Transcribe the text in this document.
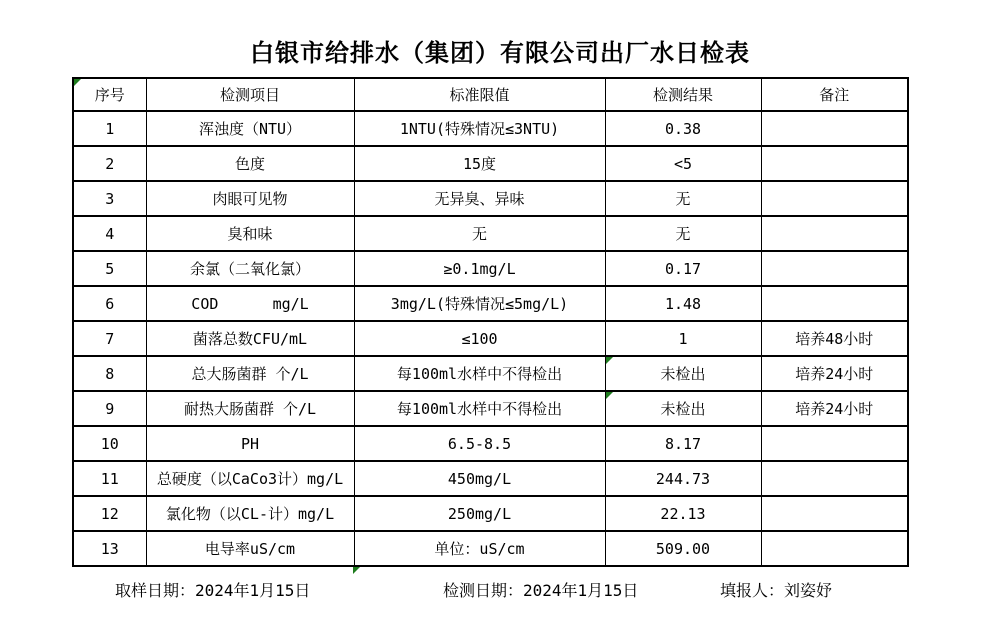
白银市给排水（集团）有限公司出厂水日检表
序号	检测项目	标准限值	检测结果	备注
1	浑浊度（NTU）	1NTU(特殊情况≤3NTU)	0.38	
2	色度	15度	<5	
3	肉眼可见物	无异臭、异味	无	
4	臭和味	无	无	
5	余氯（二氧化氯）	≥0.1mg/L	0.17	
6	COD      mg/L	3mg/L(特殊情况≤5mg/L)	1.48	
7	菌落总数CFU/mL	≤100	1	培养48小时
8	总大肠菌群 个/L	每100ml水样中不得检出	未检出	培养24小时
9	耐热大肠菌群 个/L	每100ml水样中不得检出	未检出	培养24小时
10	PH	6.5-8.5	8.17	
11	总硬度（以CaCo3计）mg/L	450mg/L	244.73	
12	氯化物（以CL-计）mg/L	250mg/L	22.13	
13	电导率uS/cm	单位：uS/cm	509.00	
取样日期：2024年1月15日	检测日期：2024年1月15日	填报人：刘姿妤
